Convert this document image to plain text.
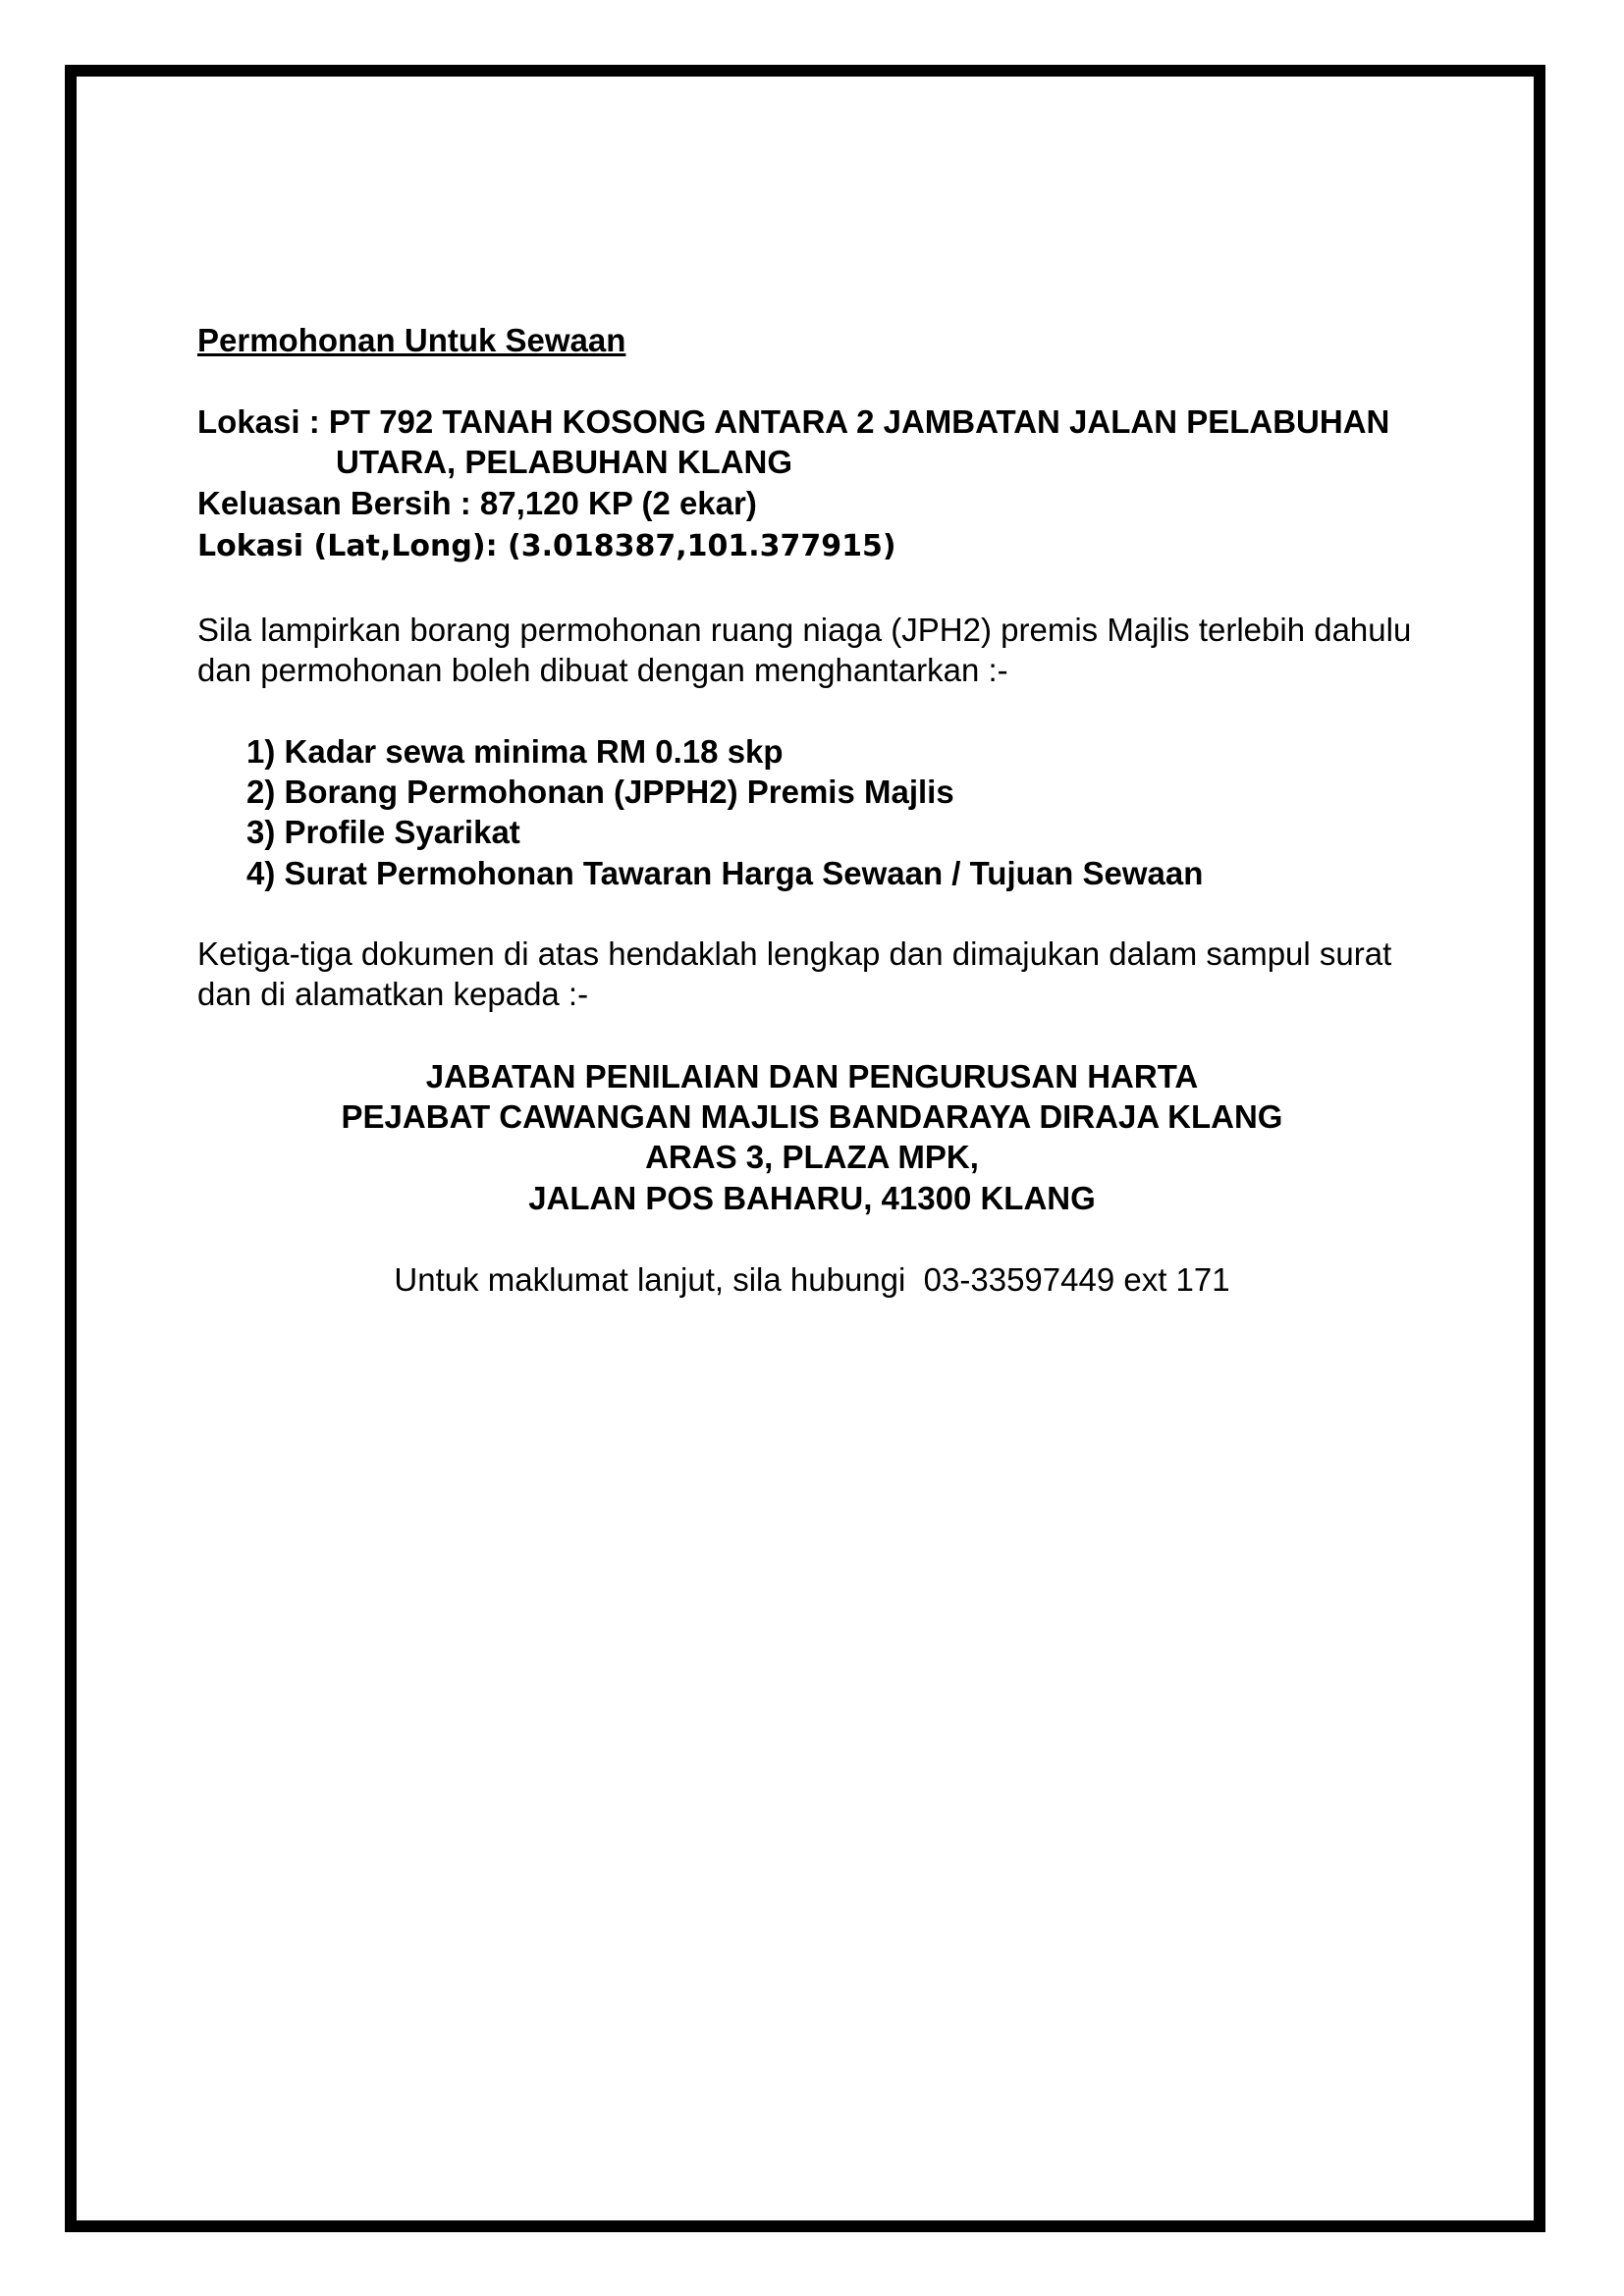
Permohonan Untuk Sewaan
Lokasi : PT 792 TANAH KOSONG ANTARA 2 JAMBATAN JALAN PELABUHAN
UTARA, PELABUHAN KLANG
Keluasan Bersih : 87,120 KP (2 ekar)
Lokasi (Lat,Long): (3.018387,101.377915)
Sila lampirkan borang permohonan ruang niaga (JPH2) premis Majlis terlebih dahulu
dan permohonan boleh dibuat dengan menghantarkan :-
1) Kadar sewa minima RM 0.18 skp
2) Borang Permohonan (JPPH2) Premis Majlis
3) Profile Syarikat
4) Surat Permohonan Tawaran Harga Sewaan / Tujuan Sewaan
Ketiga-tiga dokumen di atas hendaklah lengkap dan dimajukan dalam sampul surat
dan di alamatkan kepada :-
JABATAN PENILAIAN DAN PENGURUSAN HARTA
PEJABAT CAWANGAN MAJLIS BANDARAYA DIRAJA KLANG
ARAS 3, PLAZA MPK,
JALAN POS BAHARU, 41300 KLANG
Untuk maklumat lanjut, sila hubungi  03-33597449 ext 171
